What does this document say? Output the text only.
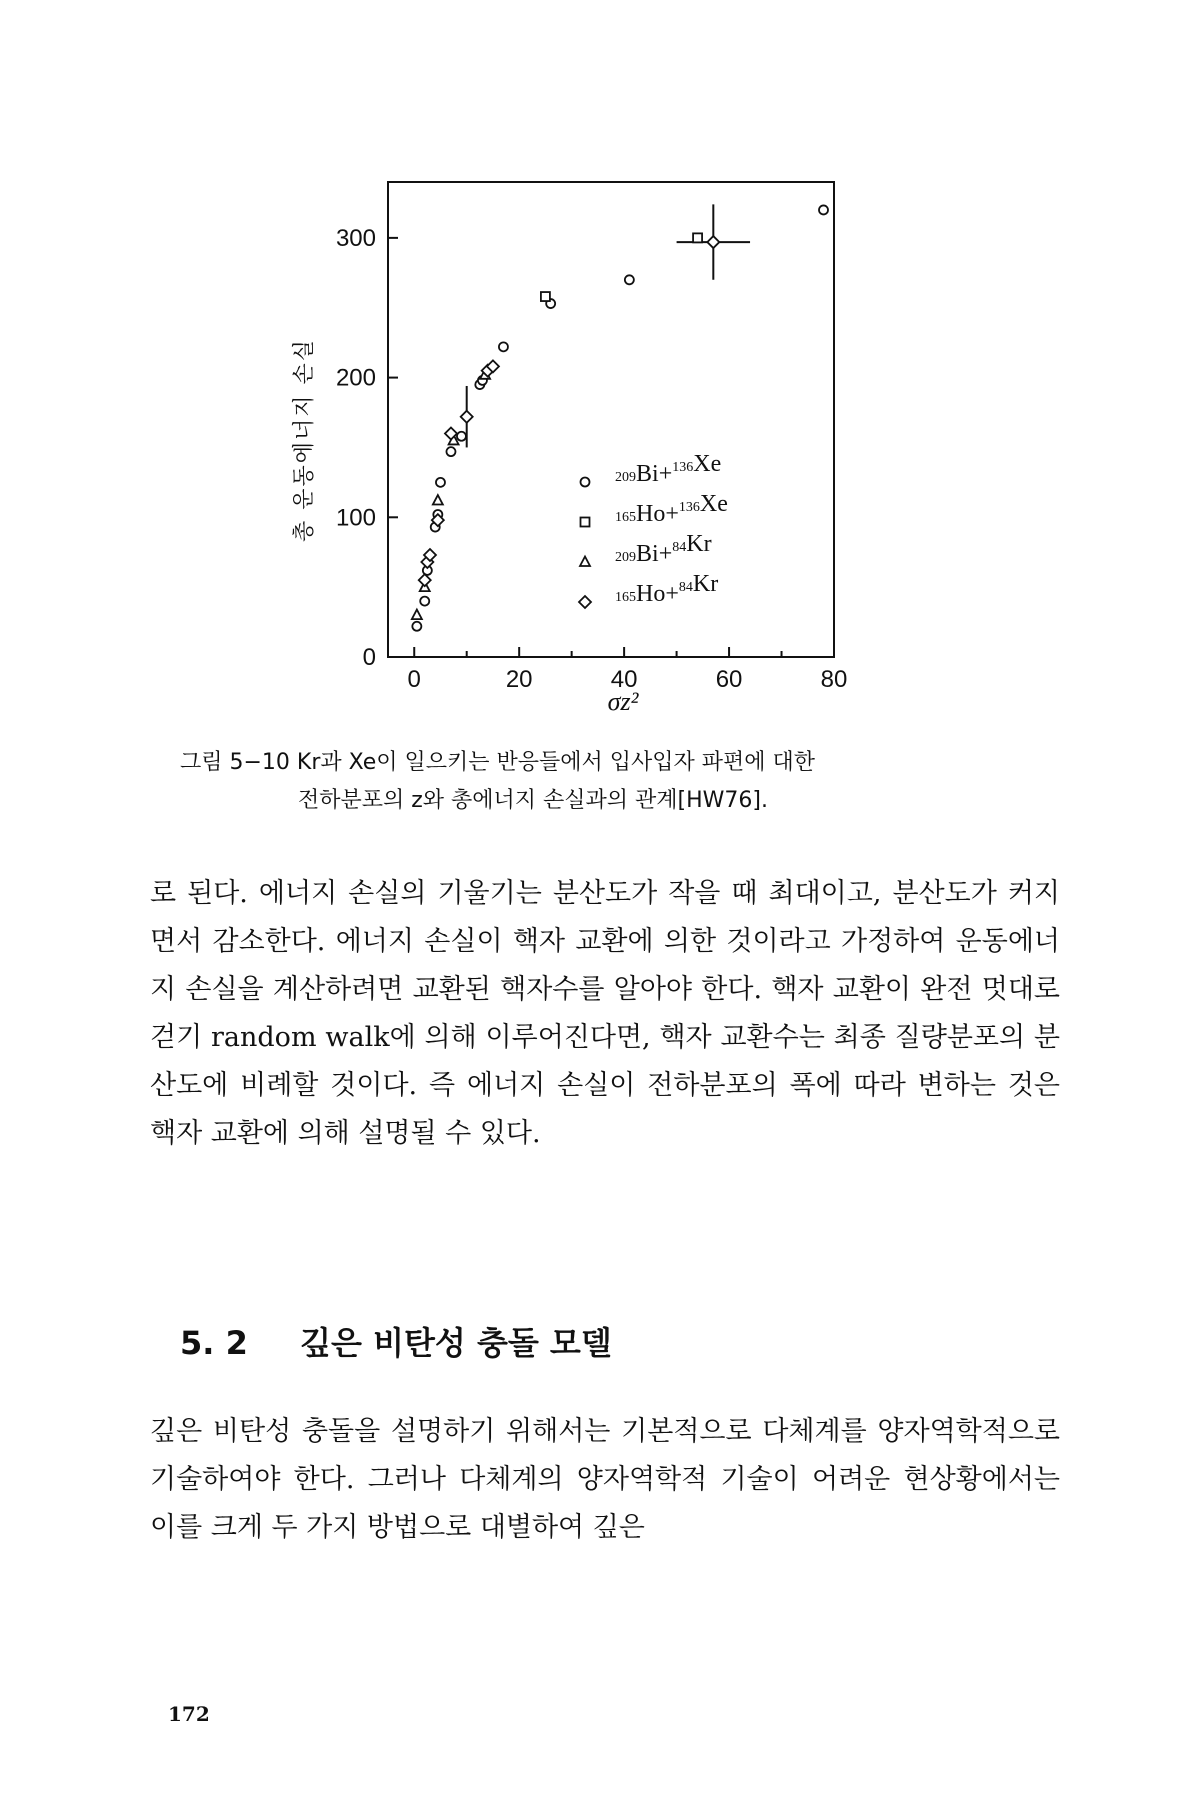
0	20	40	60	80
0
100
200
300
$^{209}$Bi+$^{136}$Xe
$^{165}$Ho+$^{136}$Xe
$^{209}$Bi+$^{84}$Kr
$^{165}$Ho+$^{84}$Kr
총 운동에너지 손실
σz²
그림 5−10 Kr과 Xe이 일으키는 반응들에서 입사입자 파편에 대한
전하분포의 z와 총에너지 손실과의 관계[HW76].
로 된다. 에너지 손실의 기울기는 분산도가 작을 때 최대이고, 분산도가 커지면서 감소한다. 에너지 손실이 핵자 교환에 의한 것이라고 가정하여 운동에너지 손실을 계산하려면 교환된 핵자수를 알아야 한다. 핵자 교환이 완전 멋대로 걷기 random walk에 의해 이루어진다면, 핵자 교환수는 최종 질량분포의 분산도에 비례할 것이다. 즉 에너지 손실이 전하분포의 폭에 따라 변하는 것은 핵자 교환에 의해 설명될 수 있다.
5. 2 깊은 비탄성 충돌 모델
깊은 비탄성 충돌을 설명하기 위해서는 기본적으로 다체계를 양자역학적으로 기술하여야 한다. 그러나 다체계의 양자역학적 기술이 어려운 현상황에서는 이를 크게 두 가지 방법으로 대별하여 깊은
172
